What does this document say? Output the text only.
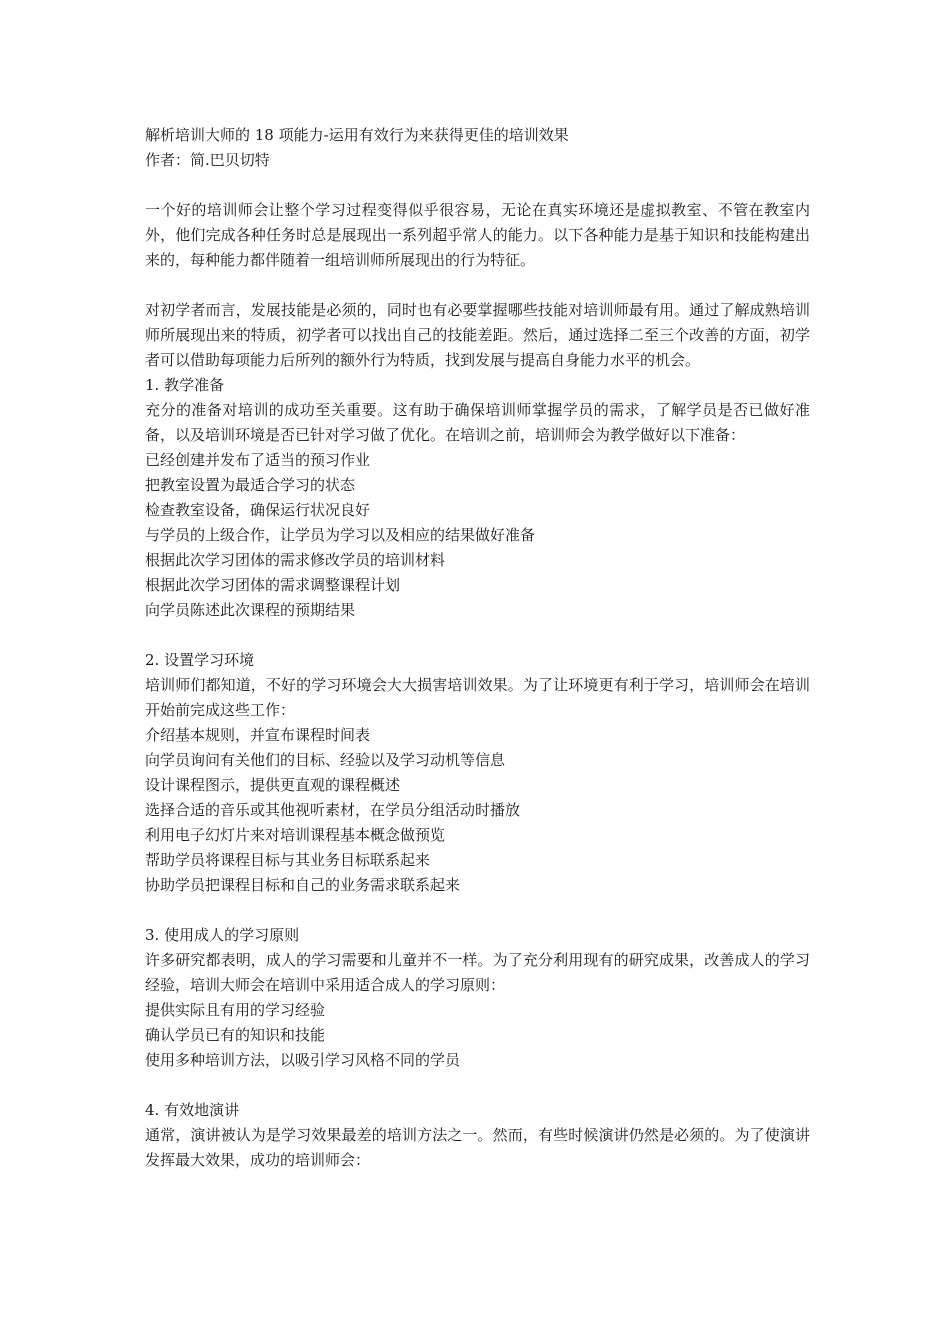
解析培训大师的 18 项能力-运用有效行为来获得更佳的培训效果
作者：简.巴贝切特

一个好的培训师会让整个学习过程变得似乎很容易，无论在真实环境还是虚拟教室、不管在教室内外，他们完成各种任务时总是展现出一系列超乎常人的能力。以下各种能力是基于知识和技能构建出来的，每种能力都伴随着一组培训师所展现出的行为特征。

对初学者而言，发展技能是必须的，同时也有必要掌握哪些技能对培训师最有用。通过了解成熟培训师所展现出来的特质，初学者可以找出自己的技能差距。然后，通过选择二至三个改善的方面，初学者可以借助每项能力后所列的额外行为特质，找到发展与提高自身能力水平的机会。

1. 教学准备

充分的准备对培训的成功至关重要。这有助于确保培训师掌握学员的需求，了解学员是否已做好准备，以及培训环境是否已针对学习做了优化。在培训之前，培训师会为教学做好以下准备：

已经创建并发布了适当的预习作业
把教室设置为最适合学习的状态
检查教室设备，确保运行状况良好
与学员的上级合作，让学员为学习以及相应的结果做好准备
根据此次学习团体的需求修改学员的培训材料
根据此次学习团体的需求调整课程计划
向学员陈述此次课程的预期结果
2. 设置学习环境

培训师们都知道，不好的学习环境会大大损害培训效果。为了让环境更有利于学习，培训师会在培训开始前完成这些工作：

介绍基本规则，并宣布课程时间表
向学员询问有关他们的目标、经验以及学习动机等信息
设计课程图示，提供更直观的课程概述
选择合适的音乐或其他视听素材，在学员分组活动时播放
利用电子幻灯片来对培训课程基本概念做预览
帮助学员将课程目标与其业务目标联系起来
协助学员把课程目标和自己的业务需求联系起来
3. 使用成人的学习原则

许多研究都表明，成人的学习需要和儿童并不一样。为了充分利用现有的研究成果，改善成人的学习经验，培训大师会在培训中采用适合成人的学习原则：

提供实际且有用的学习经验
确认学员已有的知识和技能
使用多种培训方法，以吸引学习风格不同的学员
4. 有效地演讲

通常，演讲被认为是学习效果最差的培训方法之一。然而，有些时候演讲仍然是必须的。为了使演讲发挥最大效果，成功的培训师会：
